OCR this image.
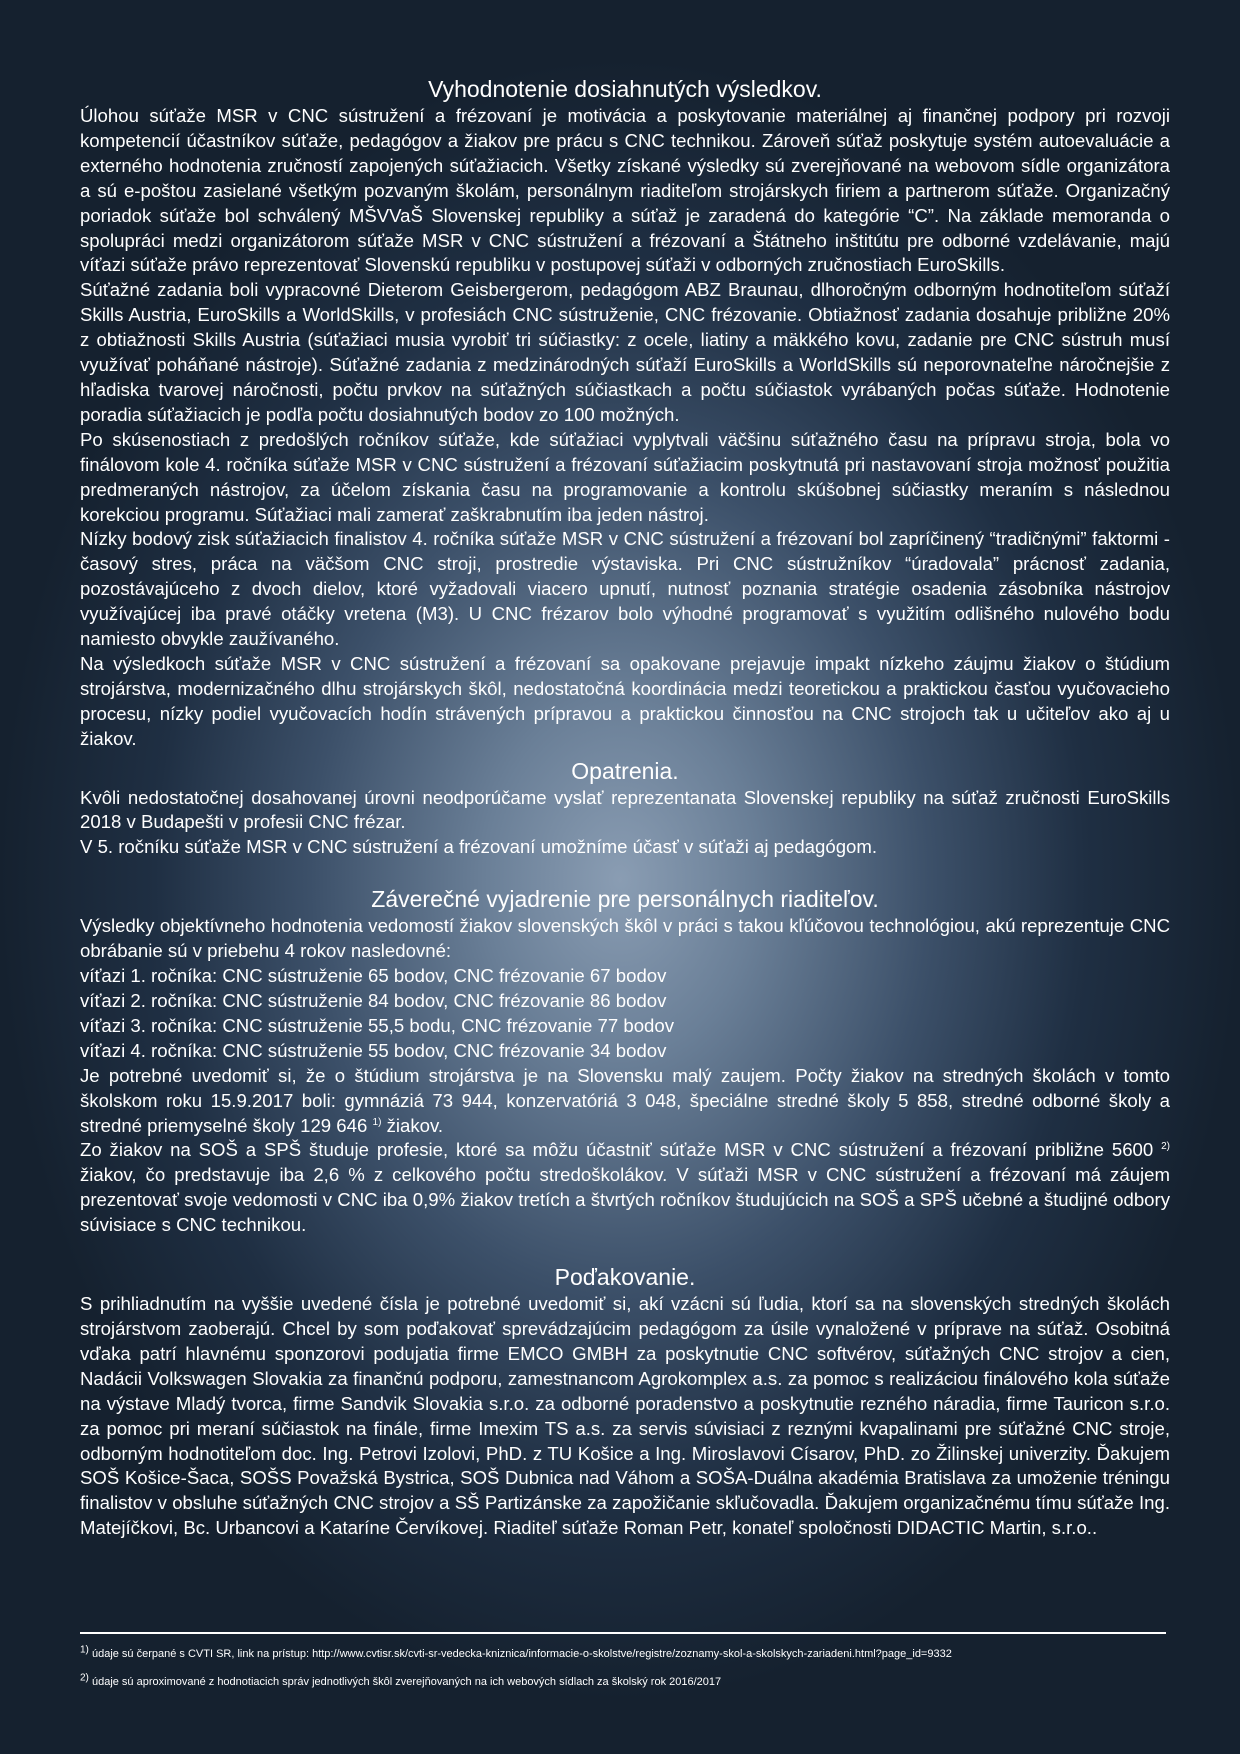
Vyhodnotenie dosiahnutých výsledkov.

Úlohou súťaže MSR v CNC sústružení a frézovaní je motivácia a poskytovanie materiálnej aj finančnej podpory pri rozvoji kompetencií účastníkov súťaže, pedagógov a žiakov pre prácu s CNC technikou. Zároveň súťaž poskytuje systém autoevaluácie a externého hodnotenia zručností zapojených súťažiacich. Všetky získané výsledky sú zverejňované na webovom sídle organizátora a sú e-poštou zasielané všetkým pozvaným školám, personálnym riaditeľom strojárskych firiem a partnerom súťaže. Organizačný poriadok súťaže bol schválený MŠVVaŠ Slovenskej republiky a súťaž je zaradená do kategórie “C”. Na základe memoranda o spolupráci medzi organizátorom súťaže MSR v CNC sústružení a frézovaní a Štátneho inštitútu pre odborné vzdelávanie, majú víťazi súťaže právo reprezentovať Slovenskú republiku v postupovej súťaži v odborných zručnostiach EuroSkills.

Súťažné zadania boli vypracovné Dieterom Geisbergerom, pedagógom ABZ Braunau, dlhoročným odborným hodnotiteľom súťaží Skills Austria, EuroSkills a WorldSkills, v profesiách CNC sústruženie, CNC frézovanie. Obtiažnosť zadania dosahuje približne 20% z obtiažnosti Skills Austria (súťažiaci musia vyrobiť tri súčiastky: z ocele, liatiny a mäkkého kovu, zadanie pre CNC sústruh musí využívať poháňané nástroje). Súťažné zadania z medzinárodných súťaží EuroSkills a WorldSkills sú neporovnateľne náročnejšie z hľadiska tvarovej náročnosti, počtu prvkov na súťažných súčiastkach a počtu súčiastok vyrábaných počas súťaže. Hodnotenie poradia súťažiacich je podľa počtu dosiahnutých bodov zo 100 možných.

Po skúsenostiach z predošlých ročníkov súťaže, kde súťažiaci vyplytvali väčšinu súťažného času na prípravu stroja, bola vo finálovom kole 4. ročníka súťaže MSR v CNC sústružení a frézovaní súťažiacim poskytnutá pri nastavovaní stroja možnosť použitia predmeraných nástrojov, za účelom získania času na programovanie a kontrolu skúšobnej súčiastky meraním s následnou korekciou programu. Súťažiaci mali zamerať zaškrabnutím iba jeden nástroj.

Nízky bodový zisk súťažiacich finalistov 4. ročníka súťaže MSR v CNC sústružení a frézovaní bol zapríčinený “tradičnými” faktormi - časový stres, práca na väčšom CNC stroji, prostredie výstaviska. Pri CNC sústružníkov “úradovala” prácnosť zadania, pozostávajúceho z dvoch dielov, ktoré vyžadovali viacero upnutí, nutnosť poznania stratégie osadenia zásobníka nástrojov využívajúcej iba pravé otáčky vretena (M3). U CNC frézarov bolo výhodné programovať s využitím odlišného nulového bodu namiesto obvykle zaužívaného.

Na výsledkoch súťaže MSR v CNC sústružení a frézovaní sa opakovane prejavuje impakt nízkeho záujmu žiakov o štúdium strojárstva, modernizačného dlhu strojárskych škôl, nedostatočná koordinácia medzi teoretickou a praktickou časťou vyučovacieho procesu, nízky podiel vyučovacích hodín strávených prípravou a praktickou činnosťou na CNC strojoch tak u učiteľov ako aj u žiakov.

Opatrenia.

Kvôli nedostatočnej dosahovanej úrovni neodporúčame vyslať reprezentanata Slovenskej republiky na súťaž zručnosti EuroSkills 2018 v Budapešti v profesii CNC frézar.

V 5. ročníku súťaže MSR v CNC sústružení a frézovaní umožníme účasť v súťaži aj pedagógom.

Záverečné vyjadrenie pre personálnych riaditeľov.

Výsledky objektívneho hodnotenia vedomostí žiakov slovenských škôl v práci s takou kľúčovou technológiou, akú reprezentuje CNC obrábanie sú v priebehu 4 rokov nasledovné:

víťazi 1. ročníka: CNC sústruženie 65 bodov, CNC frézovanie 67 bodov

víťazi 2. ročníka: CNC sústruženie 84 bodov, CNC frézovanie 86 bodov

víťazi 3. ročníka: CNC sústruženie 55,5 bodu, CNC frézovanie 77 bodov

víťazi 4. ročníka: CNC sústruženie 55 bodov, CNC frézovanie 34 bodov

Je potrebné uvedomiť si, že o štúdium strojárstva je na Slovensku malý zaujem. Počty žiakov na stredných školách v tomto školskom roku 15.9.2017 boli: gymnáziá 73 944, konzervatóriá 3 048, špeciálne stredné školy 5 858, stredné odborné školy a stredné priemyselné školy 129 646 $^{1)}$ žiakov.

Zo žiakov na SOŠ a SPŠ študuje profesie, ktoré sa môžu účastniť súťaže MSR v CNC sústružení a frézovaní približne 5600 $^{2)}$ žiakov, čo predstavuje iba 2,6 % z celkového počtu stredoškolákov. V súťaži MSR v CNC sústružení a frézovaní má záujem prezentovať svoje vedomosti v CNC iba 0,9% žiakov tretích a štvrtých ročníkov študujúcich na SOŠ a SPŠ učebné a študijné odbory súvisiace s CNC technikou.

Poďakovanie.

S prihliadnutím na vyššie uvedené čísla je potrebné uvedomiť si, akí vzácni sú ľudia, ktorí sa na slovenských stredných školách strojárstvom zaoberajú. Chcel by som poďakovať sprevádzajúcim pedagógom za úsile vynaložené v príprave na súťaž. Osobitná vďaka patrí hlavnému sponzorovi podujatia firme EMCO GMBH za poskytnutie CNC softvérov, súťažných CNC strojov a cien, Nadácii Volkswagen Slovakia za finančnú podporu, zamestnancom Agrokomplex a.s. za pomoc s realizáciou finálového kola súťaže na výstave Mladý tvorca, firme Sandvik Slovakia s.r.o. za odborné poradenstvo a poskytnutie rezného náradia, firme Tauricon s.r.o. za pomoc pri meraní súčiastok na finále, firme Imexim TS a.s. za servis súvisiaci z reznými kvapalinami pre súťažné CNC stroje, odborným hodnotiteľom doc. Ing. Petrovi Izolovi, PhD. z TU Košice a Ing. Miroslavovi Císarov, PhD. zo Žilinskej univerzity. Ďakujem SOŠ Košice-Šaca, SOŠS Považská Bystrica, SOŠ Dubnica nad Váhom a SOŠA-Duálna akadémia Bratislava za umoženie tréningu finalistov v obsluhe súťažných CNC strojov a SŠ Partizánske za zapožičanie skľučovadla. Ďakujem organizačnému tímu súťaže Ing. Matejíčkovi, Bc. Urbancovi a Kataríne Červíkovej. Riaditeľ súťaže Roman Petr, konateľ spoločnosti DIDACTIC Martin, s.r.o..

$^{1)}$ údaje sú čerpané s CVTI SR, link na prístup: http://www.cvtisr.sk/cvti-sr-vedecka-kniznica/informacie-o-skolstve/registre/zoznamy-skol-a-skolskych-zariadeni.html?page_id=9332

$^{2)}$ údaje sú aproximované z hodnotiacich správ jednotlivých škôl zverejňovaných na ich webových sídlach za školský rok 2016/2017
